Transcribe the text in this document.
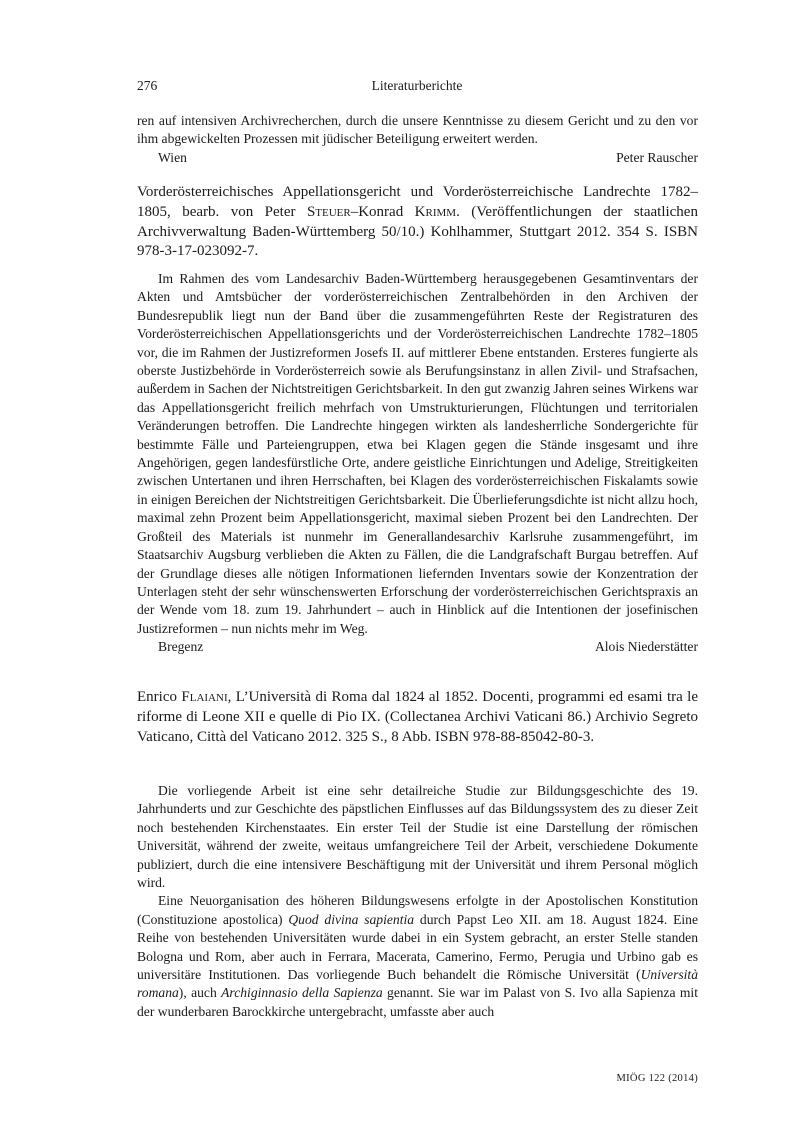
276	Literaturberichte

ren auf intensiven Archivrecherchen, durch die unsere Kenntnisse zu diesem Gericht und zu den vor ihm abgewickelten Prozessen mit jüdischer Beteiligung erweitert werden.

Wien	Peter Rauscher

Vorderösterreichisches Appellationsgericht und Vorderösterreichische Landrechte 1782–1805, bearb. von Peter Steuer–Konrad Krimm. (Veröffentlichungen der staatlichen Archivverwaltung Baden-Württemberg 50/10.) Kohlhammer, Stuttgart 2012. 354 S. ISBN 978-3-17-023092-7.

Im Rahmen des vom Landesarchiv Baden-Württemberg herausgegebenen Gesamtinventars der Akten und Amtsbücher der vorderösterreichischen Zentralbehörden in den Archiven der Bundesrepublik liegt nun der Band über die zusammengeführten Reste der Registraturen des Vorderösterreichischen Appellationsgerichts und der Vorderösterreichischen Landrechte 1782–1805 vor, die im Rahmen der Justizreformen Josefs II. auf mittlerer Ebene entstanden. Ersteres fungierte als oberste Justizbehörde in Vorderösterreich sowie als Berufungsinstanz in allen Zivil- und Strafsachen, außerdem in Sachen der Nichtstreitigen Gerichtsbarkeit. In den gut zwanzig Jahren seines Wirkens war das Appellationsgericht freilich mehrfach von Umstrukturierungen, Flüchtungen und territorialen Veränderungen betroffen. Die Landrechte hingegen wirkten als landesherrliche Sondergerichte für bestimmte Fälle und Parteiengruppen, etwa bei Klagen gegen die Stände insgesamt und ihre Angehörigen, gegen landesfürstliche Orte, andere geistliche Einrichtungen und Adelige, Streitigkeiten zwischen Untertanen und ihren Herrschaften, bei Klagen des vorderösterreichischen Fiskalamts sowie in einigen Bereichen der Nichtstreitigen Gerichtsbarkeit. Die Überlieferungsdichte ist nicht allzu hoch, maximal zehn Prozent beim Appellationsgericht, maximal sieben Prozent bei den Landrechten. Der Großteil des Materials ist nunmehr im Generallandesarchiv Karlsruhe zusammengeführt, im Staatsarchiv Augsburg verblieben die Akten zu Fällen, die die Landgrafschaft Burgau betreffen. Auf der Grundlage dieses alle nötigen Informationen liefernden Inventars sowie der Konzentration der Unterlagen steht der sehr wünschenswerten Erforschung der vorderösterreichischen Gerichtspraxis an der Wende vom 18. zum 19. Jahrhundert – auch in Hinblick auf die Intentionen der josefinischen Justizreformen – nun nichts mehr im Weg.

Bregenz	Alois Niederstätter

Enrico Flaiani, L’Università di Roma dal 1824 al 1852. Docenti, programmi ed esami tra le riforme di Leone XII e quelle di Pio IX. (Collectanea Archivi Vaticani 86.) Archivio Segreto Vaticano, Città del Vaticano 2012. 325 S., 8 Abb. ISBN 978-88-85042-80-3.

Die vorliegende Arbeit ist eine sehr detailreiche Studie zur Bildungsgeschichte des 19. Jahrhunderts und zur Geschichte des päpstlichen Einflusses auf das Bildungssystem des zu dieser Zeit noch bestehenden Kirchenstaates. Ein erster Teil der Studie ist eine Darstellung der römischen Universität, während der zweite, weitaus umfangreichere Teil der Arbeit, verschiedene Dokumente publiziert, durch die eine intensivere Beschäftigung mit der Universität und ihrem Personal möglich wird.

Eine Neuorganisation des höheren Bildungswesens erfolgte in der Apostolischen Konstitution (Constituzione apostolica) Quod divina sapientia durch Papst Leo XII. am 18. August 1824. Eine Reihe von bestehenden Universitäten wurde dabei in ein System gebracht, an erster Stelle standen Bologna und Rom, aber auch in Ferrara, Macerata, Camerino, Fermo, Perugia und Urbino gab es universitäre Institutionen. Das vorliegende Buch behandelt die Römische Universität (Università romana), auch Archiginnasio della Sapienza genannt. Sie war im Palast von S. Ivo alla Sapienza mit der wunderbaren Barockkirche untergebracht, umfasste aber auch

MIÖG 122 (2014)
